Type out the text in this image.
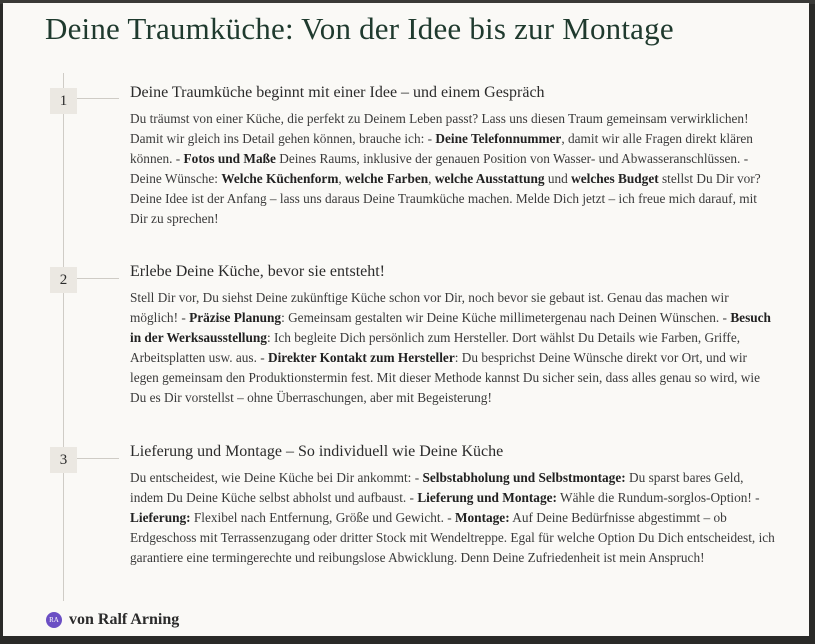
Deine Traumküche: Von der Idee bis zur Montage
1	Deine Traumküche beginnt mit einer Idee – und einem Gespräch
Du träumst von einer Küche, die perfekt zu Deinem Leben passt? Lass uns diesen Traum gemeinsam verwirklichen! Damit wir gleich ins Detail gehen können, brauche ich: - Deine Telefonnummer, damit wir alle Fragen direkt klären können. - Fotos und Maße Deines Raums, inklusive der genauen Position von Wasser- und Abwasseranschlüssen. - Deine Wünsche: Welche Küchenform, welche Farben, welche Ausstattung und welches Budget stellst Du Dir vor? Deine Idee ist der Anfang – lass uns daraus Deine Traumküche machen. Melde Dich jetzt – ich freue mich darauf, mit Dir zu sprechen!
2	Erlebe Deine Küche, bevor sie entsteht!
Stell Dir vor, Du siehst Deine zukünftige Küche schon vor Dir, noch bevor sie gebaut ist. Genau das machen wir möglich! - Präzise Planung: Gemeinsam gestalten wir Deine Küche millimetergenau nach Deinen Wünschen. - Besuch in der Werksausstellung: Ich begleite Dich persönlich zum Hersteller. Dort wählst Du Details wie Farben, Griffe, Arbeitsplatten usw. aus. - Direkter Kontakt zum Hersteller: Du besprichst Deine Wünsche direkt vor Ort, und wir legen gemeinsam den Produktionstermin fest. Mit dieser Methode kannst Du sicher sein, dass alles genau so wird, wie Du es Dir vorstellst – ohne Überraschungen, aber mit Begeisterung!
3	Lieferung und Montage – So individuell wie Deine Küche
Du entscheidest, wie Deine Küche bei Dir ankommt: - Selbstabholung und Selbstmontage: Du sparst bares Geld, indem Du Deine Küche selbst abholst und aufbaust. - Lieferung und Montage: Wähle die Rundum-sorglos-Option! - Lieferung: Flexibel nach Entfernung, Größe und Gewicht. - Montage: Auf Deine Bedürfnisse abgestimmt – ob Erdgeschoss mit Terrassenzugang oder dritter Stock mit Wendeltreppe. Egal für welche Option Du Dich entscheidest, ich garantiere eine termingerechte und reibungslose Abwicklung. Denn Deine Zufriedenheit ist mein Anspruch!
RA von Ralf Arning
